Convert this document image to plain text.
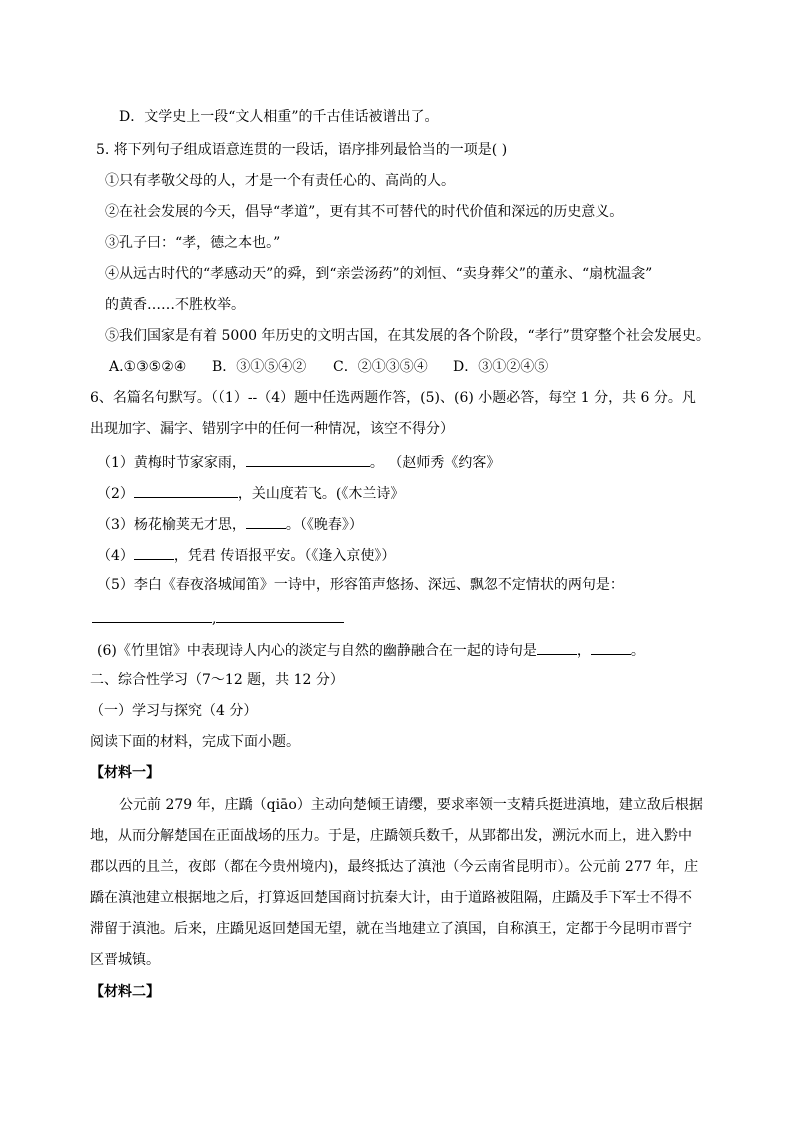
D．文学史上一段“文人相重”的千古佳话被谱出了。
5. 将下列句子组成语意连贯的一段话，语序排列最恰当的一项是( )
①只有孝敬父母的人，才是一个有责任心的、高尚的人。
②在社会发展的今天，倡导“孝道”，更有其不可替代的时代价值和深远的历史意义。
③孔子曰：“孝，德之本也。”
④从远古时代的“孝感动天”的舜，到“亲尝汤药”的刘恒、“卖身葬父”的董永、“扇枕温衾”
的黄香……不胜枚举。
⑤我们国家是有着 5000 年历史的文明古国，在其发展的各个阶段，“孝行”贯穿整个社会发展史。
A.①③⑤②④ B．③①⑤④② C．②①③⑤④ D．③①②④⑤
6、名篇名句默写。（（1）--（4）题中任选两题作答，(5)、(6) 小题必答，每空 1 分，共 6 分。凡
出现加字、漏字、错别字中的任何一种情况，该空不得分）
（1）黄梅时节家家雨，	。 （赵师秀《约客》
（2）	，关山度若飞。(《木兰诗》
（3）杨花榆荚无才思，	。（《晚春》）
（4）	，凭君 传语报平安。（《逢入京使》）
（5）李白《春夜洛城闻笛》一诗中，形容笛声悠扬、深远、飘忽不定情状的两句是：
,
(6)《竹里馆》中表现诗人内心的淡定与自然的幽静融合在一起的诗句是	，	。
二、综合性学习（7～12 题，共 12 分）
（一）学习与探究（4 分）
阅读下面的材料，完成下面小题。
【材料一】
公元前 279 年，庄蹻（qiāo）主动向楚倾王请缨，要求率领一支精兵挺进滇地，建立敌后根据
地，从而分解楚国在正面战场的压力。于是，庄蹻领兵数千，从郢都出发，溯沅水而上，进入黔中
郡以西的且兰，夜郎（都在今贵州境内)，最终抵达了滇池（今云南省昆明市）。公元前 277 年，庄
蹻在滇池建立根据地之后，打算返回楚国商讨抗秦大计，由于道路被阻隔，庄蹻及手下军士不得不
滞留于滇池。后来，庄蹻见返回楚国无望，就在当地建立了滇国，自称滇王，定都于今昆明市晋宁
区晋城镇。
【材料二】
